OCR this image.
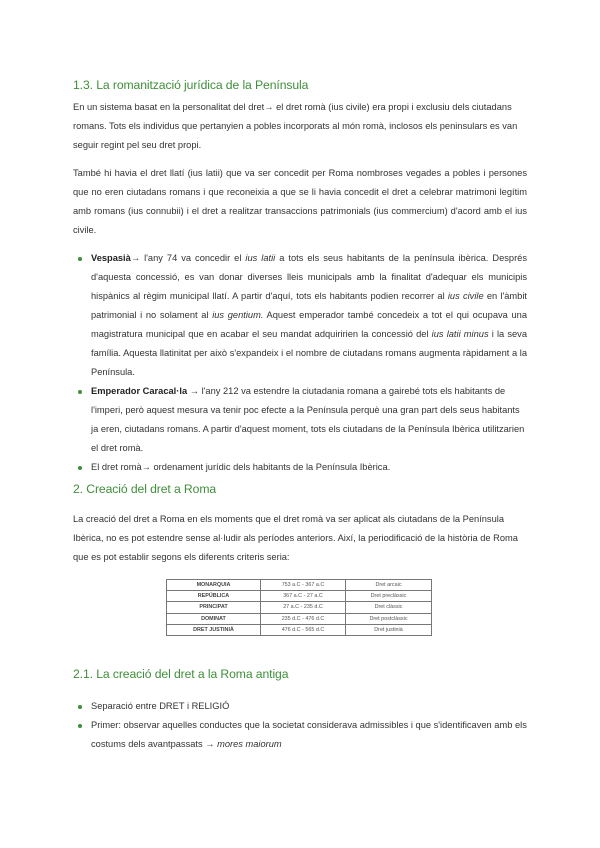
1.3. La romanització jurídica de la Península

En un sistema basat en la personalitat del dret→ el dret romà (ius civile) era propi i exclusiu dels ciutadans romans. Tots els individus que pertanyien a pobles incorporats al món romà, inclosos els peninsulars es van seguir regint pel seu dret propi.

També hi havia el dret llatí (ius latii) que va ser concedit per Roma nombroses vegades a pobles i persones que no eren ciutadans romans i que reconeixia a que se li havia concedit el dret a celebrar matrimoni legítim amb romans (ius connubii) i el dret a realitzar transaccions patrimonials (ius commercium) d'acord amb el ius civile.

Vespasià→ l'any 74 va concedir el ius latii a tots els seus habitants de la península ibèrica. Després d'aquesta concessió, es van donar diverses lleis municipals amb la finalitat d'adequar els municipis hispànics al règim municipal llatí. A partir d'aquí, tots els habitants podien recorrer al ius civile en l'àmbit patrimonial i no solament al ius gentium. Aquest emperador també concedeix a tot el qui ocupava una magistratura municipal que en acabar el seu mandat adquiririen la concessió del ius latii minus i la seva família. Aquesta llatinitat per això s'expandeix i el nombre de ciutadans romans augmenta ràpidament a la Península.
Emperador Caracal·la → l'any 212 va estendre la ciutadania romana a gairebé tots els habitants de l'imperi, però aquest mesura va tenir poc efecte a la Península perquè una gran part dels seus habitants ja eren, ciutadans romans. A partir d'aquest moment, tots els ciutadans de la Península Ibèrica utilitzarien el dret romà.
El dret romà→ ordenament jurídic dels habitants de la Península Ibèrica.
2. Creació del dret a Roma

La creació del dret a Roma en els moments que el dret romà va ser aplicat als ciutadans de la Península Ibèrica, no es pot estendre sense al·ludir als períodes anteriors. Així, la periodificació de la història de Roma que es pot establir segons els diferents criteris seria:

MONARQUIA	753 a.C - 367 a.C	Dret arcaic
REPÚBLICA	367 a.C - 27 a.C	Dret preclàssic
PRINCIPAT	27 a.C - 235 d.C	Dret clàssic
DOMINAT	235 d.C - 476 d.C	Dret postclàssic
DRET JUSTINIÀ	476 d.C - 565 d.C	Dret justinià
2.1. La creació del dret a la Roma antiga
Separació entre DRET i RELIGIÓ
Primer: observar aquelles conductes que la societat considerava admissibles i que s'identificaven amb els costums dels avantpassats → mores maiorum
